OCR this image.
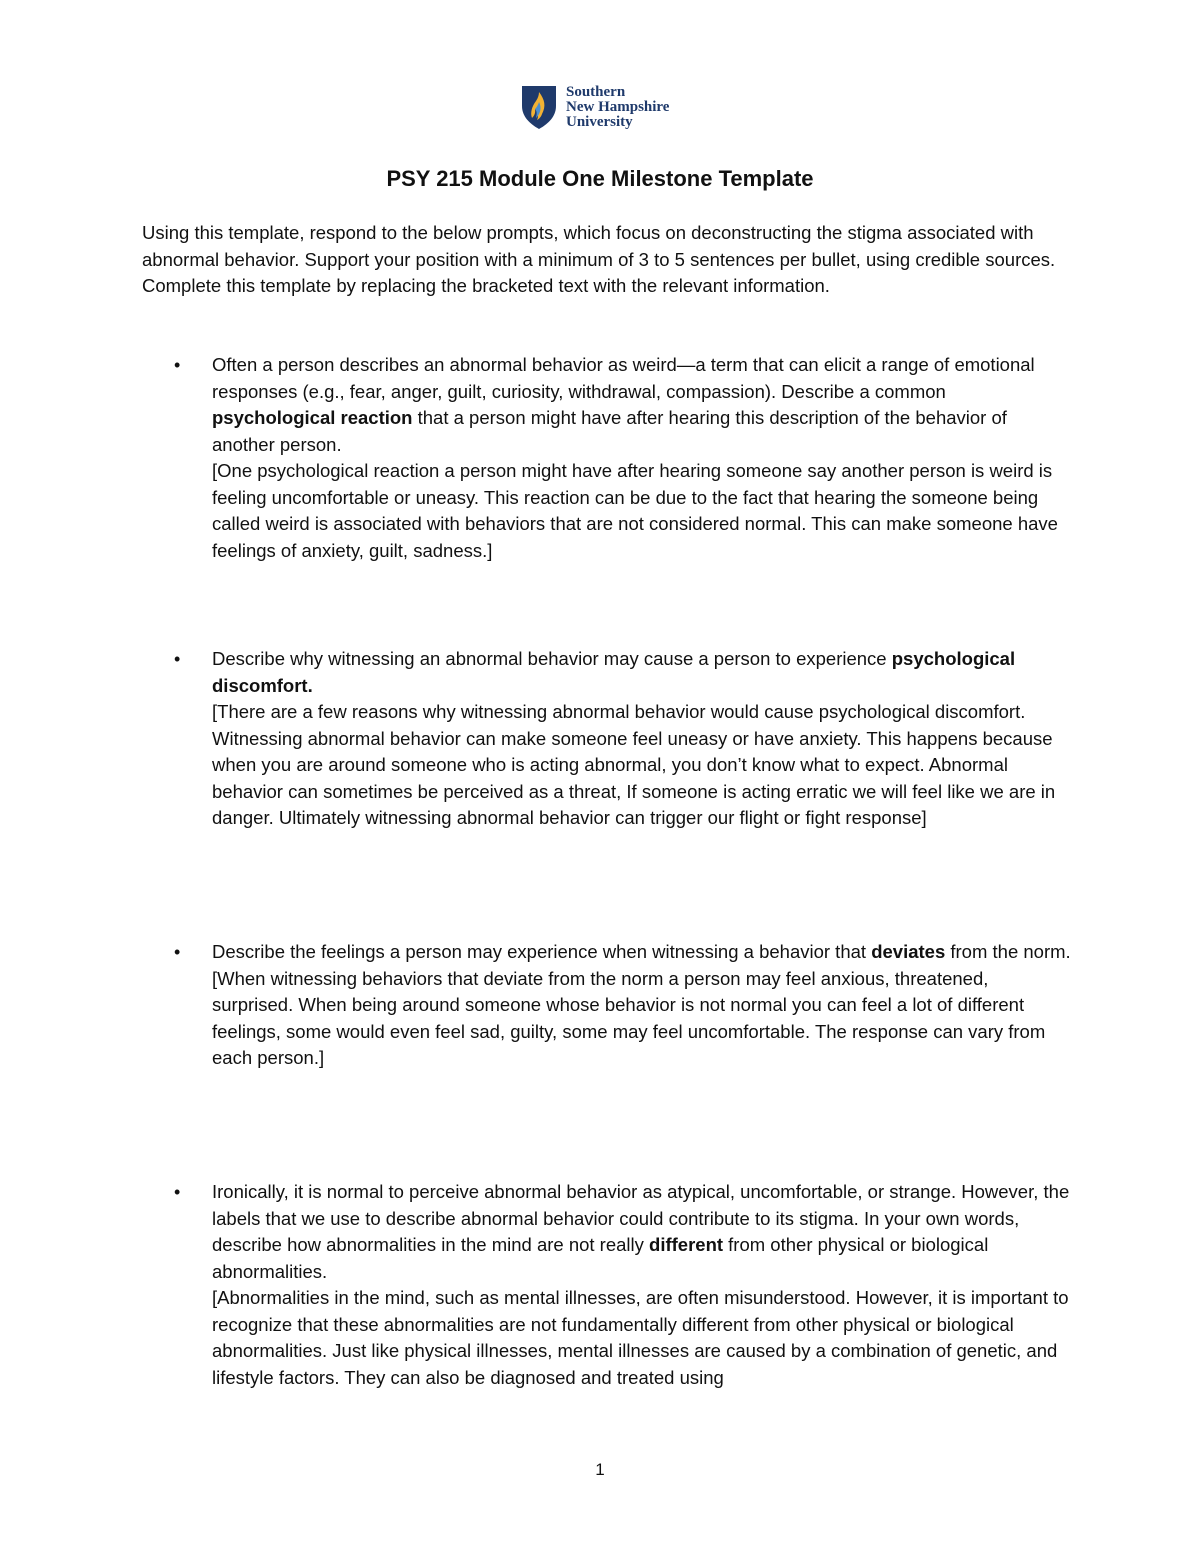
Southern
New Hampshire
University
PSY 215 Module One Milestone Template
Using this template, respond to the below prompts, which focus on deconstructing the stigma associated with abnormal behavior. Support your position with a minimum of 3 to 5 sentences per bullet, using credible sources. Complete this template by replacing the bracketed text with the relevant information.
• Often a person describes an abnormal behavior as weird—a term that can elicit a range of emotional responses (e.g., fear, anger, guilt, curiosity, withdrawal, compassion). Describe a common psychological reaction that a person might have after hearing this description of the behavior of another person.
[One psychological reaction a person might have after hearing someone say another person is weird is feeling uncomfortable or uneasy. This reaction can be due to the fact that hearing the someone being called weird is associated with behaviors that are not considered normal. This can make someone have feelings of anxiety, guilt, sadness.]
• Describe why witnessing an abnormal behavior may cause a person to experience psychological discomfort.
[There are a few reasons why witnessing abnormal behavior would cause psychological discomfort. Witnessing abnormal behavior can make someone feel uneasy or have anxiety. This happens because when you are around someone who is acting abnormal, you don’t know what to expect. Abnormal behavior can sometimes be perceived as a threat, If someone is acting erratic we will feel like we are in danger. Ultimately witnessing abnormal behavior can trigger our flight or fight response]
• Describe the feelings a person may experience when witnessing a behavior that deviates from the norm.
[When witnessing behaviors that deviate from the norm a person may feel anxious, threatened, surprised. When being around someone whose behavior is not normal you can feel a lot of different feelings, some would even feel sad, guilty, some may feel uncomfortable. The response can vary from each person.]
• Ironically, it is normal to perceive abnormal behavior as atypical, uncomfortable, or strange. However, the labels that we use to describe abnormal behavior could contribute to its stigma. In your own words, describe how abnormalities in the mind are not really different from other physical or biological abnormalities.
[Abnormalities in the mind, such as mental illnesses, are often misunderstood. However, it is important to recognize that these abnormalities are not fundamentally different from other physical or biological abnormalities. Just like physical illnesses, mental illnesses are caused by a combination of genetic, and lifestyle factors. They can also be diagnosed and treated using
1
